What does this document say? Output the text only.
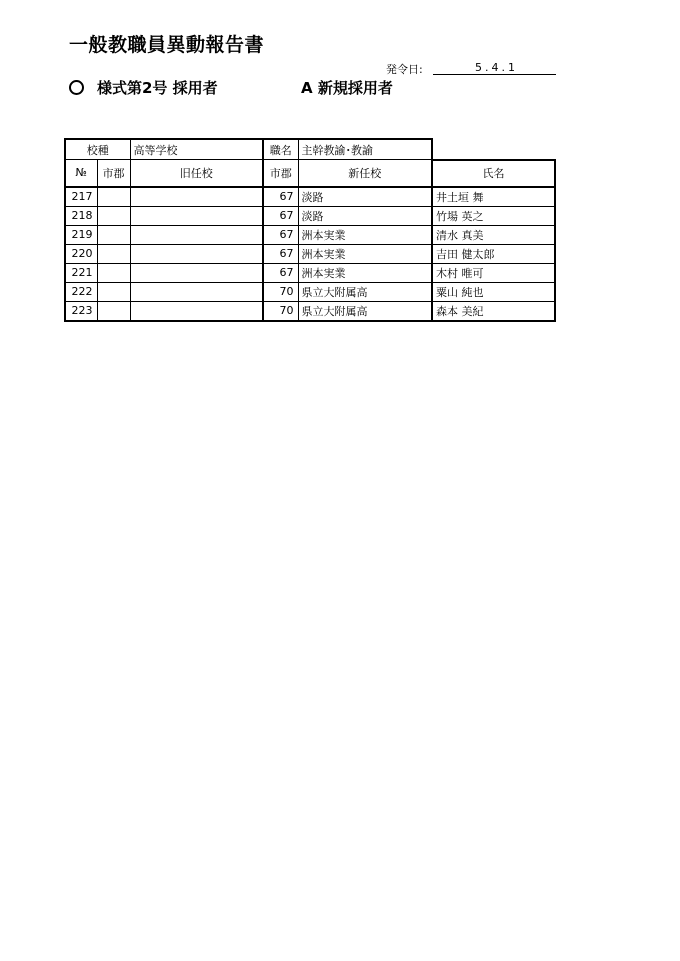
一般教職員異動報告書
発令日:	5.4.1
様式第2号 採用者	A 新規採用者
校種		高等学校	職名	主幹教諭･教諭	
№	市郡	旧任校	市郡	新任校	氏名
217			67	淡路	井土垣 舞
218			67	淡路	竹場 英之
219			67	洲本実業	清水 真美
220			67	洲本実業	吉田 健太郎
221			67	洲本実業	木村 唯可
222			70	県立大附属高	粟山 純也
223			70	県立大附属高	森本 美紀
